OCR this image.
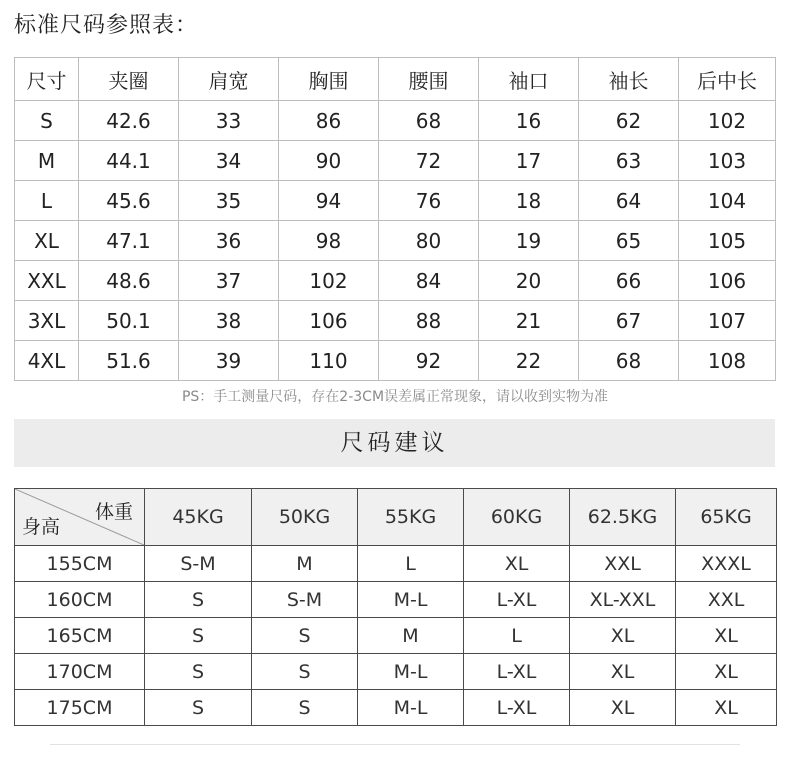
标准尺码参照表：
尺寸	夹圈	肩宽	胸围	腰围	袖口	袖长	后中长
S	42.6	33	86	68	16	62	102
M	44.1	34	90	72	17	63	103
L	45.6	35	94	76	18	64	104
XL	47.1	36	98	80	19	65	105
XXL	48.6	37	102	84	20	66	106
3XL	50.1	38	106	88	21	67	107
4XL	51.6	39	110	92	22	68	108
PS：手工测量尺码，存在2-3CM误差属正常现象，请以收到实物为准
尺码建议
体重
身高	45KG	50KG	55KG	60KG	62.5KG	65KG
155CM	S-M	M	L	XL	XXL	XXXL
160CM	S	S-M	M-L	L-XL	XL-XXL	XXL
165CM	S	S	M	L	XL	XL
170CM	S	S	M-L	L-XL	XL	XL
175CM	S	S	M-L	L-XL	XL	XL
